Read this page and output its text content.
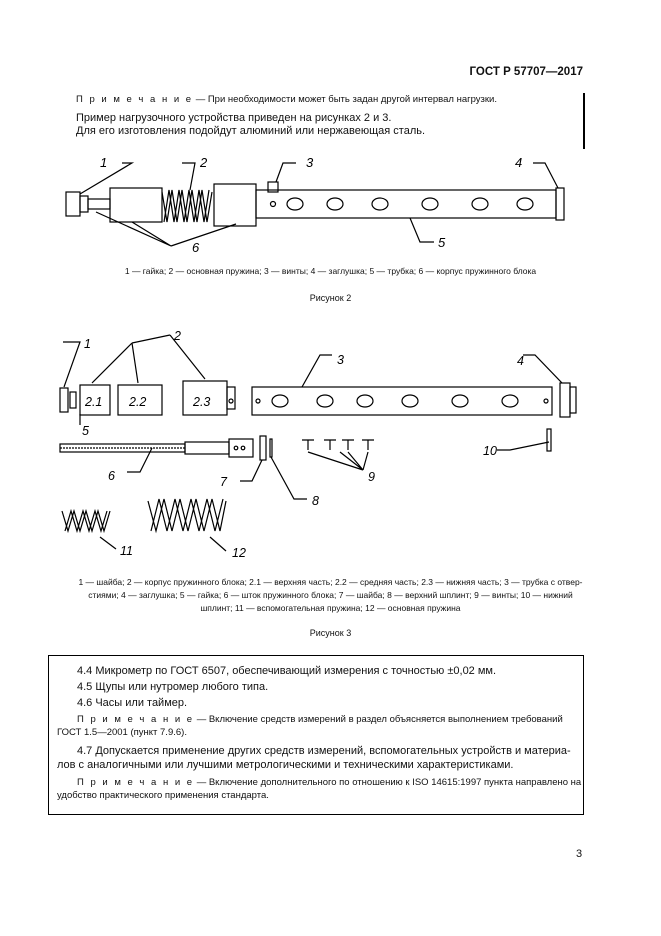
ГОСТ Р 57707—2017
П р и м е ч а н и е — При необходимости может быть задан другой интервал нагрузки.
Пример нагрузочного устройства приведен на рисунках 2 и 3.
Для его изготовления подойдут алюминий или нержавеющая сталь.
1	2	3	4
5
6
1 — гайка; 2 — основная пружина; 3 — винты; 4 — заглушка; 5 — трубка; 6 — корпус пружинного блока
Рисунок 2
1
2
3	4
5
6	7
8
9
10
11	12
2.1 2.2	2.3
1 — шайба; 2 — корпус пружинного блока; 2.1 — верхняя часть; 2.2 — средняя часть; 2.3 — нижняя часть; 3 — трубка с отвер-
стиями; 4 — заглушка; 5 — гайка; 6 — шток пружинного блока; 7 — шайба; 8 — верхний шплинт; 9 — винты; 10 — нижний
шплинт; 11 — вспомогательная пружина; 12 — основная пружина
Рисунок 3
4.4 Микрометр по ГОСТ 6507, обеспечивающий измерения с точностью ±0,02 мм.
4.5 Щупы или нутромер любого типа.
4.6 Часы или таймер.
П р и м е ч а н и е — Включение средств измерений в раздел объясняется выполнением требований
ГОСТ 1.5—2001 (пункт 7.9.6).
4.7 Допускается применение других средств измерений, вспомогательных устройств и материа-
лов с аналогичными или лучшими метрологическими и техническими характеристиками.
П р и м е ч а н и е — Включение дополнительного по отношению к ISO 14615:1997 пункта направлено на
удобство практического применения стандарта.
3
